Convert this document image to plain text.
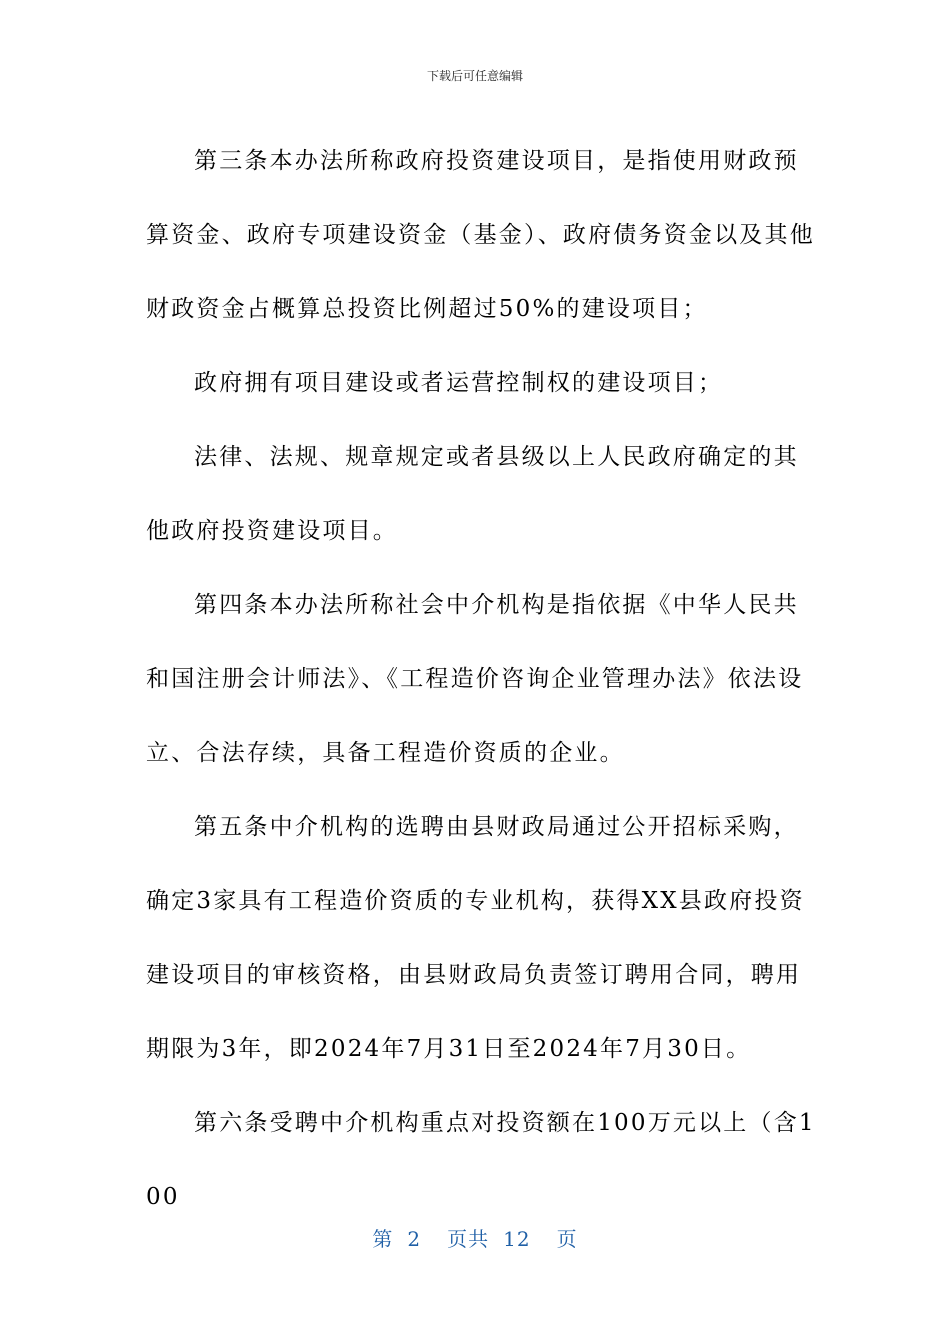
下载后可任意编辑

第三条本办法所称政府投资建设项目，是指使用财政预算资金、政府专项建设资金（基金）、政府债务资金以及其他财政资金占概算总投资比例超过50%的建设项目；

政府拥有项目建设或者运营控制权的建设项目；

法律、法规、规章规定或者县级以上人民政府确定的其他政府投资建设项目。

第四条本办法所称社会中介机构是指依据《中华人民共和国注册会计师法》、《工程造价咨询企业管理办法》依法设立、合法存续，具备工程造价资质的企业。

第五条中介机构的选聘由县财政局通过公开招标采购，确定3家具有工程造价资质的专业机构，获得XX县政府投资建设项目的审核资格，由县财政局负责签订聘用合同，聘用期限为3年，即2024年7月31日至2024年7月30日。

第六条受聘中介机构重点对投资额在100万元以上（含100

第 2 页共 12 页
